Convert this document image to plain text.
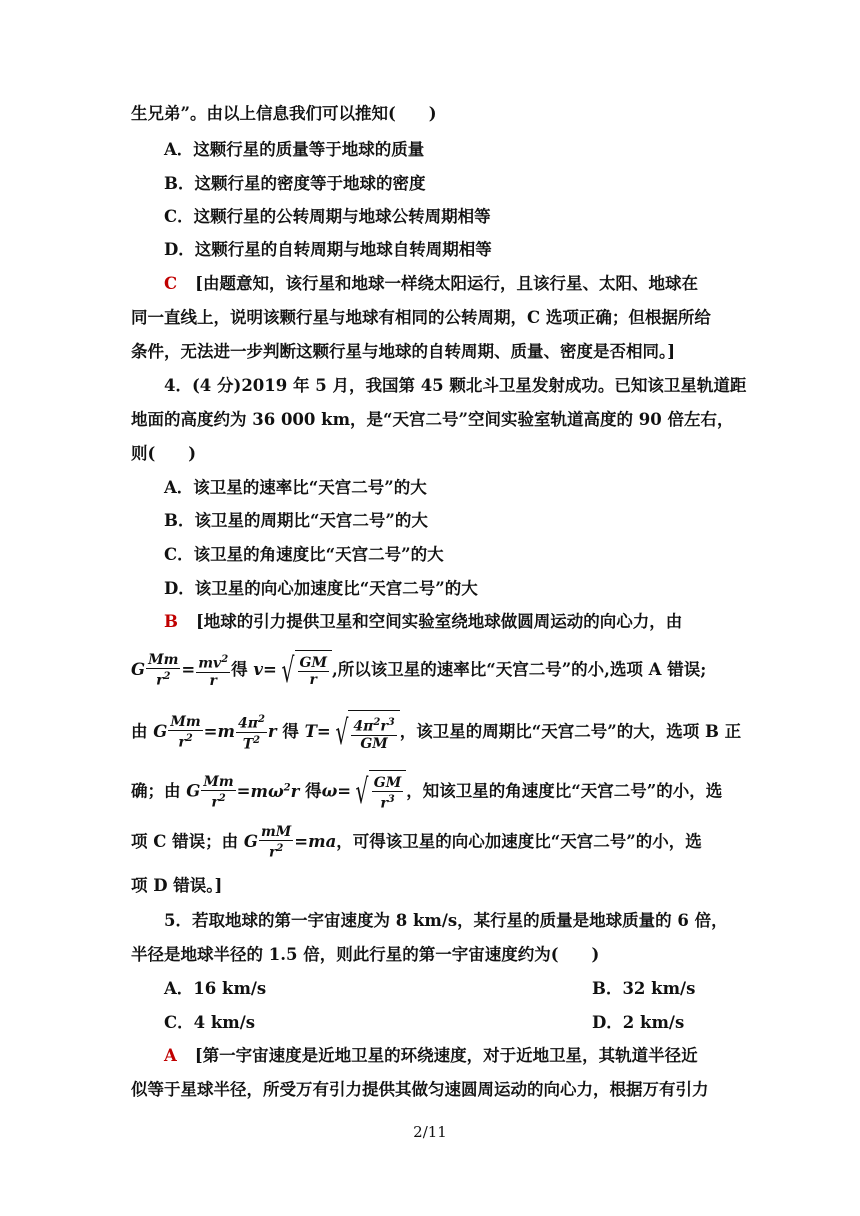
生兄弟”。由以上信息我们可以推知(　　)
A．这颗行星的质量等于地球的质量
B．这颗行星的密度等于地球的密度
C．这颗行星的公转周期与地球公转周期相等
D．这颗行星的自转周期与地球自转周期相等
C [由题意知，该行星和地球一样绕太阳运行，且该行星、太阳、地球在
同一直线上，说明该颗行星与地球有相同的公转周期，C 选项正确；但根据所给
条件，无法进一步判断这颗行星与地球的自转周期、质量、密度是否相同。]
4．(4 分)2019 年 5 月，我国第 45 颗北斗卫星发射成功。已知该卫星轨道距
地面的高度约为 36 000 km，是“天宫二号”空间实验室轨道高度的 90 倍左右，
则(　　)
A．该卫星的速率比“天宫二号”的大
B．该卫星的周期比“天宫二号”的大
C．该卫星的角速度比“天宫二号”的大
D．该卫星的向心加速度比“天宫二号”的大
B [地球的引力提供卫星和空间实验室绕地球做圆周运动的向心力，由
G $\frac{Mm}{r^2} = \frac{mv^2}{r}$ 得 v= √ $\frac{GM}{r}$ ,所以该卫星的速率比“天宫二号”的小,选项 A 错误;
由 G $\frac{Mm}{r^2} =m \frac{4\pi^2}{T^2}$ r 得 T= √ $\frac{4\pi^2r^3}{GM}$ ，该卫星的周期比“天宫二号”的大，选项 B 正
确；由 G $\frac{Mm}{r^2} =m\omega^2r$ 得ω= √ $\frac{GM}{r^3}$ ，知该卫星的角速度比“天宫二号”的小，选
项 C 错误；由 G $\frac{mM}{r^2} =ma$，可得该卫星的向心加速度比“天宫二号”的小，选
项 D 错误。]
5．若取地球的第一宇宙速度为 8 km/s，某行星的质量是地球质量的 6 倍，
半径是地球半径的 1.5 倍，则此行星的第一宇宙速度约为(　　)
A．16 km/s	B．32 km/s
C．4 km/s	D．2 km/s
A [第一宇宙速度是近地卫星的环绕速度，对于近地卫星，其轨道半径近
似等于星球半径，所受万有引力提供其做匀速圆周运动的向心力，根据万有引力
2/11
